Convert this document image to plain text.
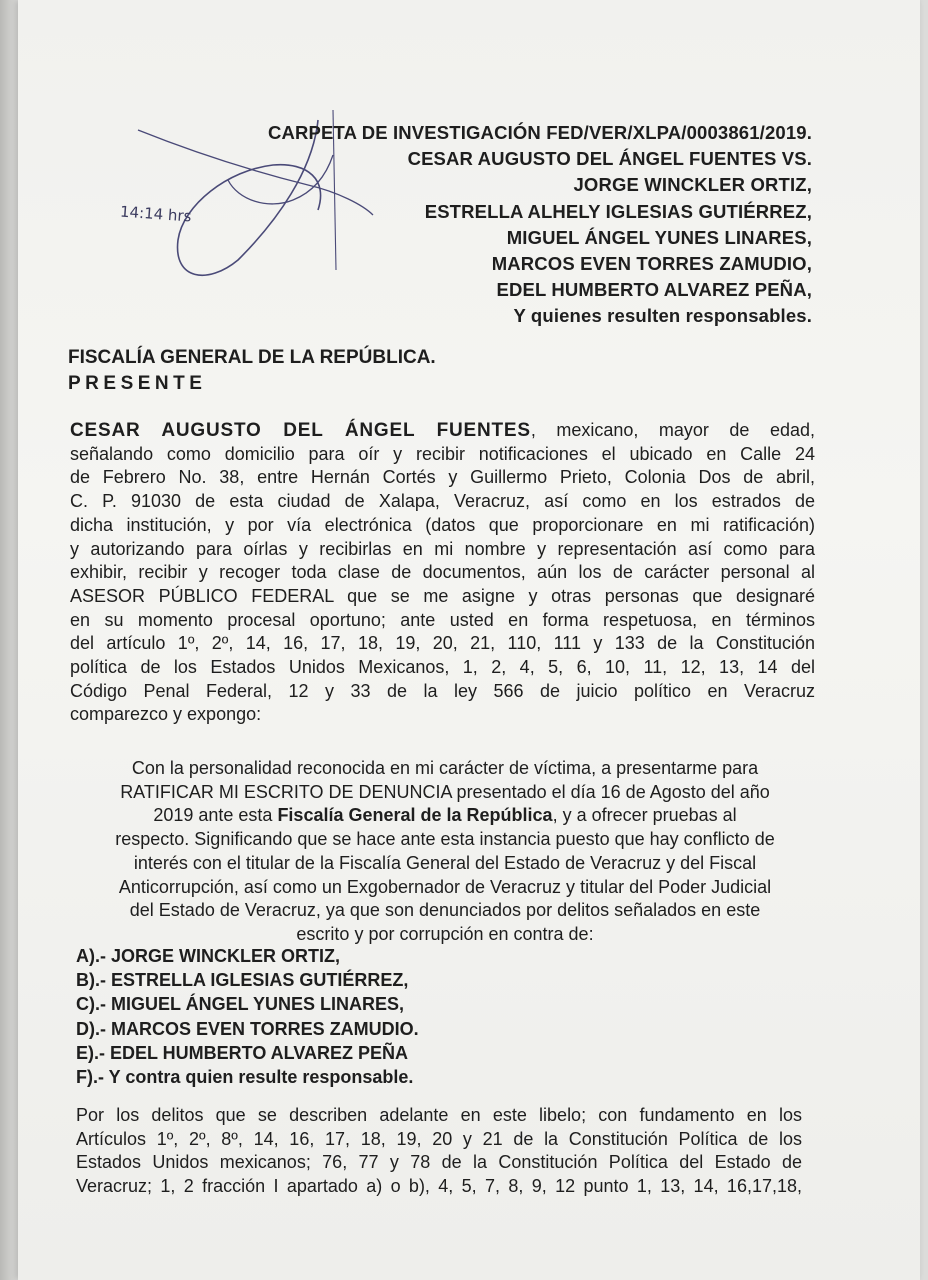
14:14 hrs
CARPETA DE INVESTIGACIÓN FED/VER/XLPA/0003861/2019.
CESAR AUGUSTO DEL ÁNGEL FUENTES VS.
JORGE WINCKLER ORTIZ,
ESTRELLA ALHELY IGLESIAS GUTIÉRREZ,
MIGUEL ÁNGEL YUNES LINARES,
MARCOS EVEN TORRES ZAMUDIO,
EDEL HUMBERTO ALVAREZ PEÑA,
Y quienes resulten responsables.
FISCALÍA GENERAL DE LA REPÚBLICA.
PRESENTE
CESAR AUGUSTO DEL ÁNGEL FUENTES, mexicano, mayor de edad,
señalando como domicilio para oír y recibir notificaciones el ubicado en Calle 24
de Febrero No. 38, entre Hernán Cortés y Guillermo Prieto, Colonia Dos de abril,
C. P. 91030 de esta ciudad de Xalapa, Veracruz, así como en los estrados de
dicha institución, y por vía electrónica (datos que proporcionare en mi ratificación)
y autorizando para oírlas y recibirlas en mi nombre y representación así como para
exhibir, recibir y recoger toda clase de documentos, aún los de carácter personal al
ASESOR PÚBLICO FEDERAL que se me asigne y otras personas que designaré
en su momento procesal oportuno; ante usted en forma respetuosa, en términos
del artículo 1º, 2º, 14, 16, 17, 18, 19, 20, 21, 110, 111 y 133 de la Constitución
política de los Estados Unidos Mexicanos, 1, 2, 4, 5, 6, 10, 11, 12, 13, 14 del
Código Penal Federal, 12 y 33 de la ley 566 de juicio político en Veracruz
comparezco y expongo:
Con la personalidad reconocida en mi carácter de víctima, a presentarme para
RATIFICAR MI ESCRITO DE DENUNCIA presentado el día 16 de Agosto del año
2019 ante esta Fiscalía General de la República, y a ofrecer pruebas al
respecto. Significando que se hace ante esta instancia puesto que hay conflicto de
interés con el titular de la Fiscalía General del Estado de Veracruz y del Fiscal
Anticorrupción, así como un Exgobernador de Veracruz y titular del Poder Judicial
del Estado de Veracruz, ya que son denunciados por delitos señalados en este
escrito y por corrupción en contra de:
A).- JORGE WINCKLER ORTIZ,
B).- ESTRELLA IGLESIAS GUTIÉRREZ,
C).- MIGUEL ÁNGEL YUNES LINARES,
D).- MARCOS EVEN TORRES ZAMUDIO.
E).- EDEL HUMBERTO ALVAREZ PEÑA
F).- Y contra quien resulte responsable.
Por los delitos que se describen adelante en este libelo; con fundamento en los
Artículos 1º, 2º, 8º, 14, 16, 17, 18, 19, 20 y 21 de la Constitución Política de los
Estados Unidos mexicanos; 76, 77 y 78 de la Constitución Política del Estado de
Veracruz; 1, 2 fracción I apartado a) o b), 4, 5, 7, 8, 9, 12 punto 1, 13, 14, 16,17,18,
